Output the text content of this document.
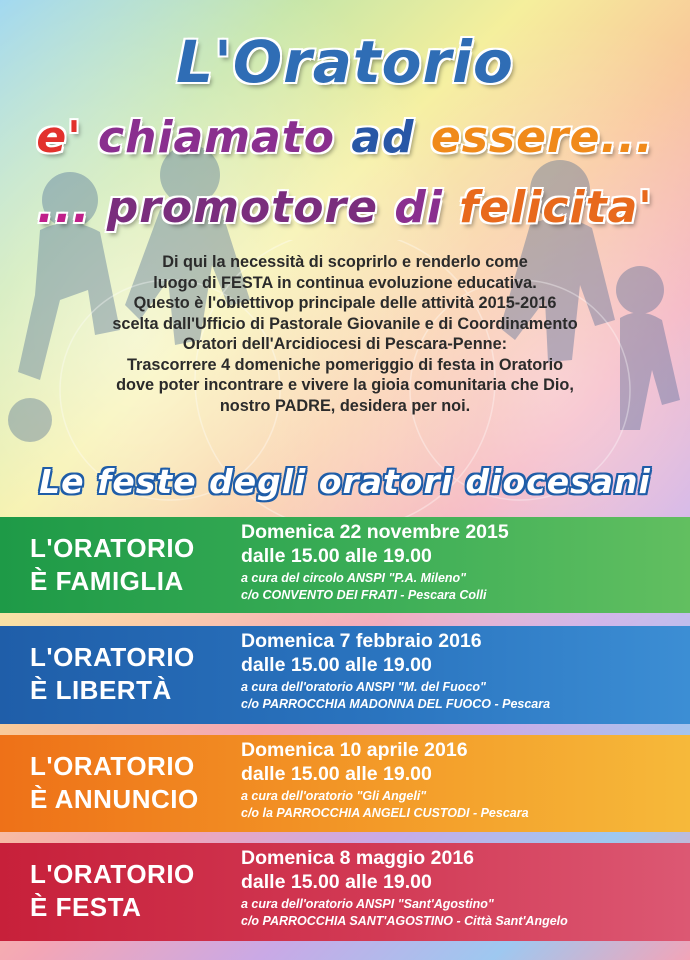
L'Oratorio
e' chiamato ad essere...
... promotore di felicita'
Di qui la necessità di scoprirlo e renderlo come
luogo di FESTA in continua evoluzione educativa.
Questo è l'obiettivop principale delle attività 2015-2016
scelta dall'Ufficio di Pastorale Giovanile e di Coordinamento
Oratori dell'Arcidiocesi di Pescara-Penne:
Trascorrere 4 domeniche pomeriggio di festa in Oratorio
dove poter incontrare e vivere la gioia comunitaria che Dio,
nostro PADRE, desidera per noi.
Le feste degli oratori diocesani
L'ORATORIO
È FAMIGLIA
Domenica 22 novembre 2015
dalle 15.00 alle 19.00
a cura del circolo ANSPI "P.A. Mileno"
c/o CONVENTO DEI FRATI - Pescara Colli
L'ORATORIO
È LIBERTÀ
Domenica 7 febbraio 2016
dalle 15.00 alle 19.00
a cura dell'oratorio ANSPI "M. del Fuoco"
c/o PARROCCHIA MADONNA DEL FUOCO - Pescara
L'ORATORIO
È ANNUNCIO
Domenica 10 aprile 2016
dalle 15.00 alle 19.00
a cura dell'oratorio "Gli Angeli"
c/o la PARROCCHIA ANGELI CUSTODI - Pescara
L'ORATORIO
È FESTA
Domenica 8 maggio 2016
dalle 15.00 alle 19.00
a cura dell'oratorio ANSPI "Sant'Agostino"
c/o PARROCCHIA SANT'AGOSTINO - Città Sant'Angelo
